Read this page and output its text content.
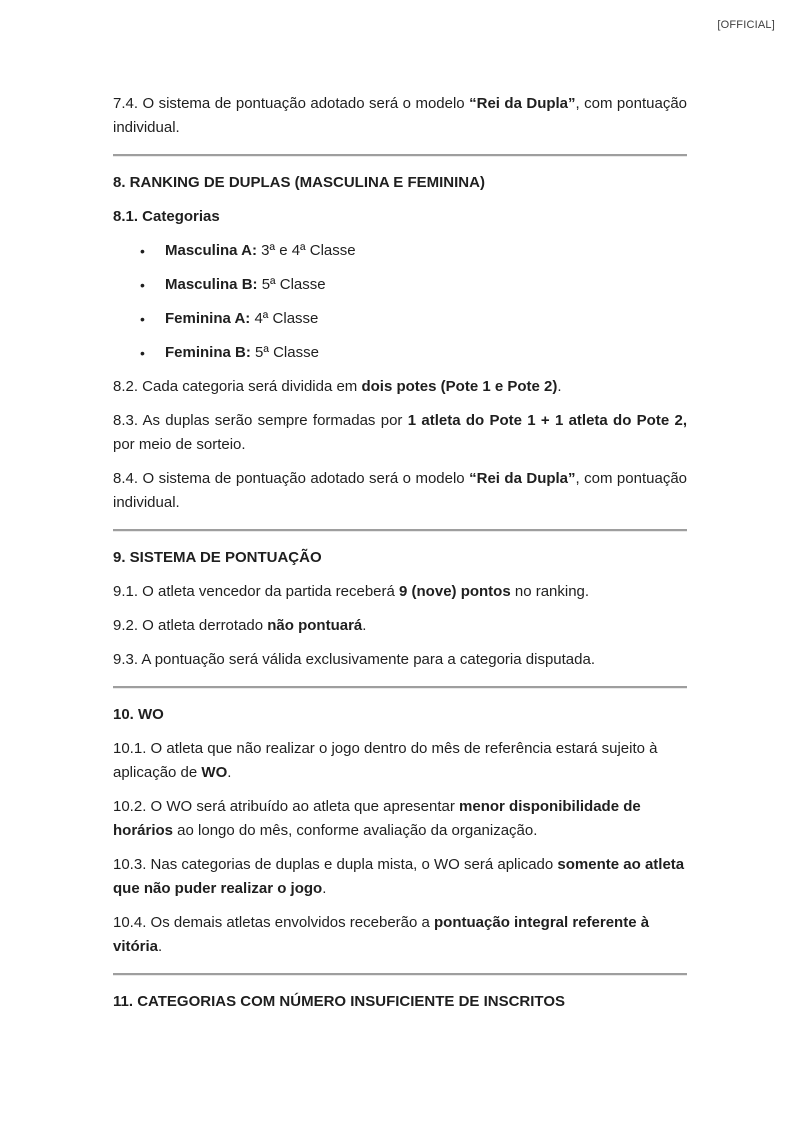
[OFFICIAL]

7.4. O sistema de pontuação adotado será o modelo “Rei da Dupla”, com pontuação individual.

8. RANKING DE DUPLAS (MASCULINA E FEMININA)

8.1. Categorias

• Masculina A: 3ª e 4ª Classe
• Masculina B: 5ª Classe
• Feminina A: 4ª Classe
• Feminina B: 5ª Classe

8.2. Cada categoria será dividida em dois potes (Pote 1 e Pote 2).

8.3. As duplas serão sempre formadas por 1 atleta do Pote 1 + 1 atleta do Pote 2, por meio de sorteio.

8.4. O sistema de pontuação adotado será o modelo “Rei da Dupla”, com pontuação individual.

9. SISTEMA DE PONTUAÇÃO

9.1. O atleta vencedor da partida receberá 9 (nove) pontos no ranking.

9.2. O atleta derrotado não pontuará.

9.3. A pontuação será válida exclusivamente para a categoria disputada.

10. WO

10.1. O atleta que não realizar o jogo dentro do mês de referência estará sujeito à aplicação de WO.

10.2. O WO será atribuído ao atleta que apresentar menor disponibilidade de horários ao longo do mês, conforme avaliação da organização.

10.3. Nas categorias de duplas e dupla mista, o WO será aplicado somente ao atleta que não puder realizar o jogo.

10.4. Os demais atletas envolvidos receberão a pontuação integral referente à vitória.

11. CATEGORIAS COM NÚMERO INSUFICIENTE DE INSCRITOS
